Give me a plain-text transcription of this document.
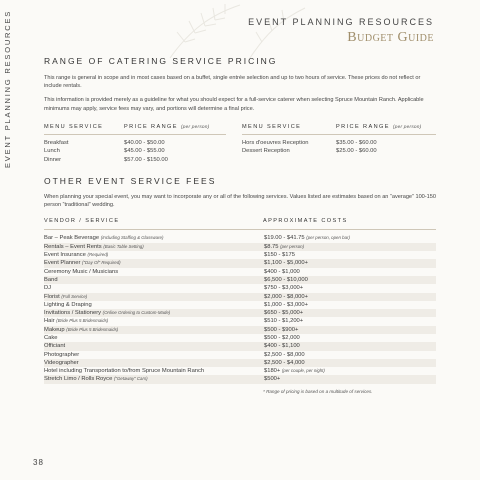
EVENT PLANNING RESOURCES	EVENT PLANNING RESOURCES
Budget Guide
RANGE OF CATERING SERVICE PRICING

This range is general in scope and in most cases based on a buffet, single entrée selection and up to two hours of service. These prices do not reflect or include rentals.

This information is provided merely as a guideline for what you should expect for a full-service caterer when selecting Spruce Mountain Ranch. Applicable minimums may apply, service fees may vary, and portions will determine a final price.

MENU SERVICE	PRICE RANGE (per person)
Breakfast	$40.00 - $50.00
Lunch	$45.00 - $55.00
Dinner	$57.00 - $150.00
MENU SERVICE	PRICE RANGE (per person)
Hors d'oeuvres Reception	$35.00 - $60.00
Dessert Reception	$25.00 - $60.00
OTHER EVENT SERVICE FEES

When planning your special event, you may want to incorporate any or all of the following services. Values listed are estimates based on an “average” 100-150 person “traditional” wedding.

VENDOR / SERVICE	APPROXIMATE COSTS
Bar – Peak Beverage (Including Staffing & Glassware)	$19.00 - $41.75 (per person, open bar)
Rentals – Event Rents (Basic Table Setting)	$8.75 (per person)
Event Insurance (Required)	$150 - $175
Event Planner (“Day Of” Required)	$1,100 - $5,000+
Ceremony Music / Musicians	$400 - $1,000
Band	$6,500 - $10,000
DJ	$750 - $3,000+
Florist (Full Service)	$2,000 - $8,000+
Lighting & Draping	$1,000 - $3,000+
Invitations / Stationery (Online Ordering to Custom-Made)	$650 - $5,000+
Hair (Bride Plus 5 Bridesmaids)	$510 - $1,200+
Makeup (Bride Plus 5 Bridesmaids)	$500 - $900+
Cake	$500 - $2,000
Officiant	$400 - $1,100
Photographer	$2,500 - $8,000
Videographer	$2,500 - $4,000
Hotel including Transportation to/from Spruce Mountain Ranch	$180+ (per couple, per night)
Stretch Limo / Rolls Royce (“Getaway” Cars)	$500+
* Range of pricing is based on a multitude of services.
38
